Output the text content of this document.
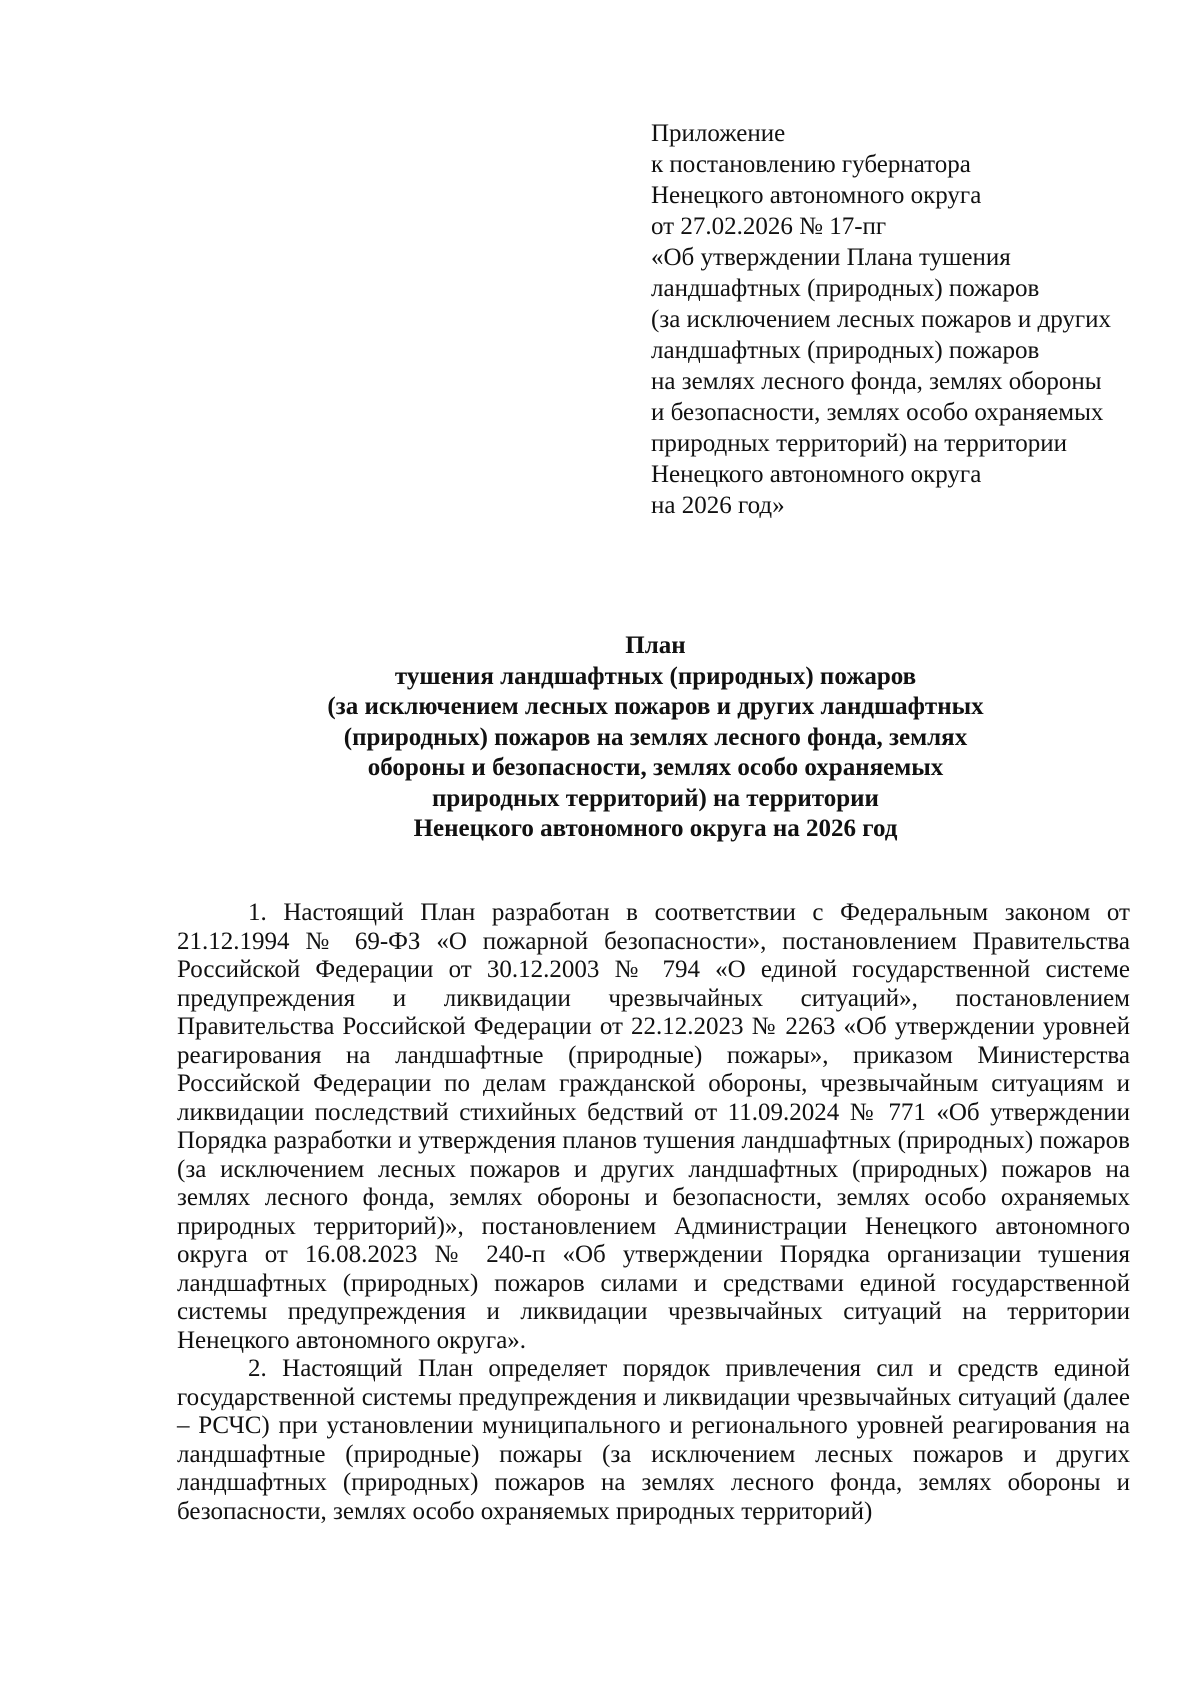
Приложение
к постановлению губернатора
Ненецкого автономного округа
от 27.02.2026 № 17-пг
«Об утверждении Плана тушения
ландшафтных (природных) пожаров
(за исключением лесных пожаров и других
ландшафтных (природных) пожаров
на землях лесного фонда, землях обороны
и безопасности, землях особо охраняемых
природных территорий) на территории
Ненецкого автономного округа
на 2026 год»
План
тушения ландшафтных (природных) пожаров
(за исключением лесных пожаров и других ландшафтных
(природных) пожаров на землях лесного фонда, землях
обороны и безопасности, землях особо охраняемых
природных территорий) на территории
Ненецкого автономного округа на 2026 год

1. Настоящий План разработан в соответствии с Федеральным законом от 21.12.1994 № 69-ФЗ «О пожарной безопасности», постановлением Правительства Российской Федерации от 30.12.2003 № 794 «О единой государственной системе предупреждения и ликвидации чрезвычайных ситуаций», постановлением Правительства Российской Федерации от 22.12.2023 № 2263 «Об утверждении уровней реагирования на ландшафтные (природные) пожары», приказом Министерства Российской Федерации по делам гражданской обороны, чрезвычайным ситуациям и ликвидации последствий стихийных бедствий от 11.09.2024 № 771 «Об утверждении Порядка разработки и утверждения планов тушения ландшафтных (природных) пожаров (за исключением лесных пожаров и других ландшафтных (природных) пожаров на землях лесного фонда, землях обороны и безопасности, землях особо охраняемых природных территорий)», постановлением Администрации Ненецкого автономного округа от 16.08.2023 № 240-п «Об утверждении Порядка организации тушения ландшафтных (природных) пожаров силами и средствами единой государственной системы предупреждения и ликвидации чрезвычайных ситуаций на территории Ненецкого автономного округа».

2. Настоящий План определяет порядок привлечения сил и средств единой государственной системы предупреждения и ликвидации чрезвычайных ситуаций (далее – РСЧС) при установлении муниципального и регионального уровней реагирования на ландшафтные (природные) пожары (за исключением лесных пожаров и других ландшафтных (природных) пожаров на землях лесного фонда, землях обороны и безопасности, землях особо охраняемых природных территорий)
